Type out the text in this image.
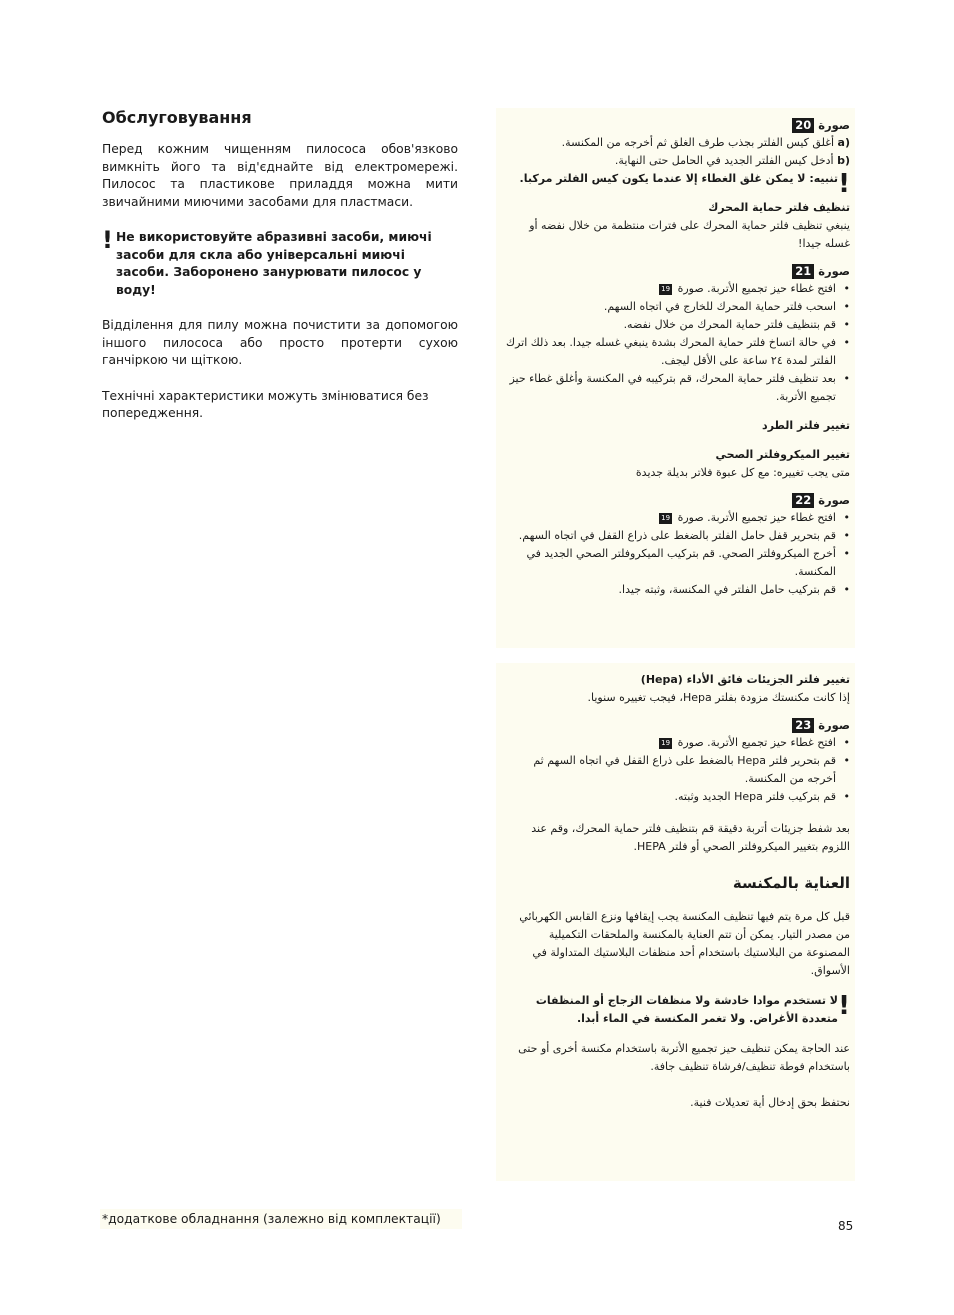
Обслуговування

Перед кожним чищенням пилососа обов'язково вимкніть його та від'єднайте від електромережі. Пилосос та пластикове приладдя можна мити звичайними миючими засобами для пластмаси.

! Не використовуйте абразивні засоби, миючі засоби для скла або універсальні миючі засоби. Заборонено занурювати пилосос у воду!

Відділення для пилу можна почистити за допомогою іншого пилососа або просто протерти сухою ганчіркою чи щіткою.

Технічні характеристики можуть змінюватися без попередження.

صورة 20
a) أغلق كيس الفلتر بجذب طرف الغلق ثم أخرجه من المكنسة.
b) أدخل كيس الفلتر الجديد في الحامل حتى النهاية.
!
تنبيه: لا يمكن غلق الغطاء إلا عندما يكون كيس الفلتر مركبا.
تنظيف فلتر حماية المحرك
ينبغي تنظيف فلتر حماية المحرك على فترات منتظمة من خلال نفضه أو غسله جيدا!
صورة 21
• افتح غطاء حيز تجميع الأتربة. صورة 19
• اسحب فلتر حماية المحرك للخارج في اتجاه السهم.
• قم بتنظيف فلتر حماية المحرك من خلال نفضه.
• في حالة اتساخ فلتر حماية المحرك بشدة ينبغي غسله جيدا. بعد ذلك اترك الفلتر لمدة ٢٤ ساعة على الأقل ليجف.
• بعد تنظيف فلتر حماية المحرك، قم بتركيبه في المكنسة وأغلق غطاء حيز تجميع الأتربة.
تغيير فلتر الطرد
تغيير الميكروفلتر الصحي
متى يجب تغييره: مع كل عبوة فلاتر بديلة جديدة
صورة 22
• افتح غطاء حيز تجميع الأتربة. صورة 19
• قم بتحرير قفل حامل الفلتر بالضغط على ذراع القفل في اتجاه السهم.
• أخرج الميكروفلتر الصحي. قم بتركيب الميكروفلتر الصحي الجديد في المكنسة.
• قم بتركيب حامل الفلتر في المكنسة، وثبته جيدا.
تغيير فلتر الجزيئات فائق الأداء (Hepa)
إذا كانت مكنستك مزودة بفلتر Hepa، فيجب تغييره سنويا.
صورة 23
• افتح غطاء حيز تجميع الأتربة. صورة 19
• قم بتحرير فلتر Hepa بالضغط على ذراع القفل في اتجاه السهم ثم أخرجه من المكنسة.
• قم بتركيب فلتر Hepa الجديد وثبته.
بعد شفط جزيئات أتربة دقيقة قم بتنظيف فلتر حماية المحرك، وقم عند اللزوم بتغيير الميكروفلتر الصحي أو فلتر HEPA.
العناية بالمكنسة
قبل كل مرة يتم فيها تنظيف المكنسة يجب إيقافها ونزع القابس الكهربائي من مصدر التيار. يمكن أن تتم العناية بالمكنسة والملحقات التكميلية المصنوعة من البلاستيك باستخدام أحد منظفات البلاستيك المتداولة في الأسواق.
!
لا تستخدم موادا خادشة ولا منظفات الزجاج أو المنظفات متعددة الأغراض. ولا تغمر المكنسة في الماء أبدا.
عند الحاجة يمكن تنظيف حيز تجميع الأتربة باستخدام مكنسة أخرى أو حتى باستخدام فوطة تنظيف/فرشاة تنظيف جافة.
نحتفظ بحق إدخال أية تعديلات فنية.
*додаткове обладнання (залежно від комплектації)	85
